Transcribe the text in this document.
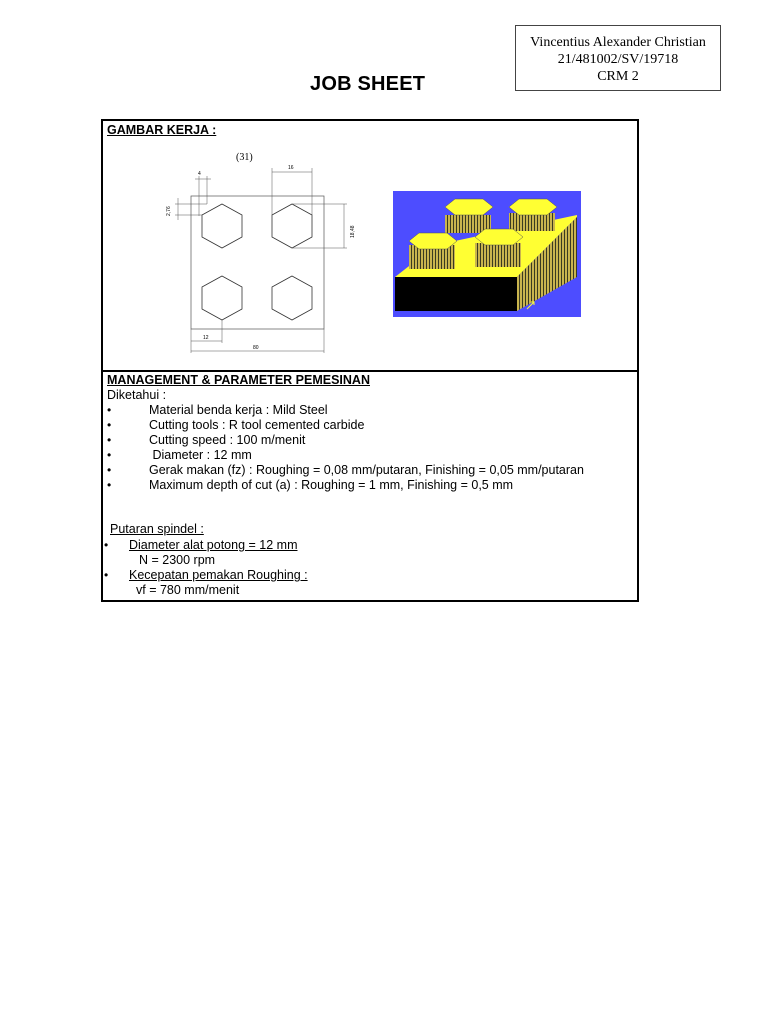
Vincentius Alexander Christian
21/481002/SV/19718
CRM 2
JOB SHEET
GAMBAR KERJA :
(31)
4
16
2,76
18,48
12
80
MANAGEMENT & PARAMETER PEMESINAN
Diketahui :
•	Material benda kerja : Mild Steel
•	Cutting tools : R tool cemented carbide
•	Cutting speed : 100 m/menit
•	Diameter : 12 mm
•	Gerak makan (fz) : Roughing = 0,08 mm/putaran, Finishing = 0,05 mm/putaran
•	Maximum depth of cut (a) : Roughing = 1 mm, Finishing = 0,5 mm
Putaran spindel :
• Diameter alat potong = 12 mm
N = 2300 rpm
• Kecepatan pemakan Roughing :
vf = 780 mm/menit
